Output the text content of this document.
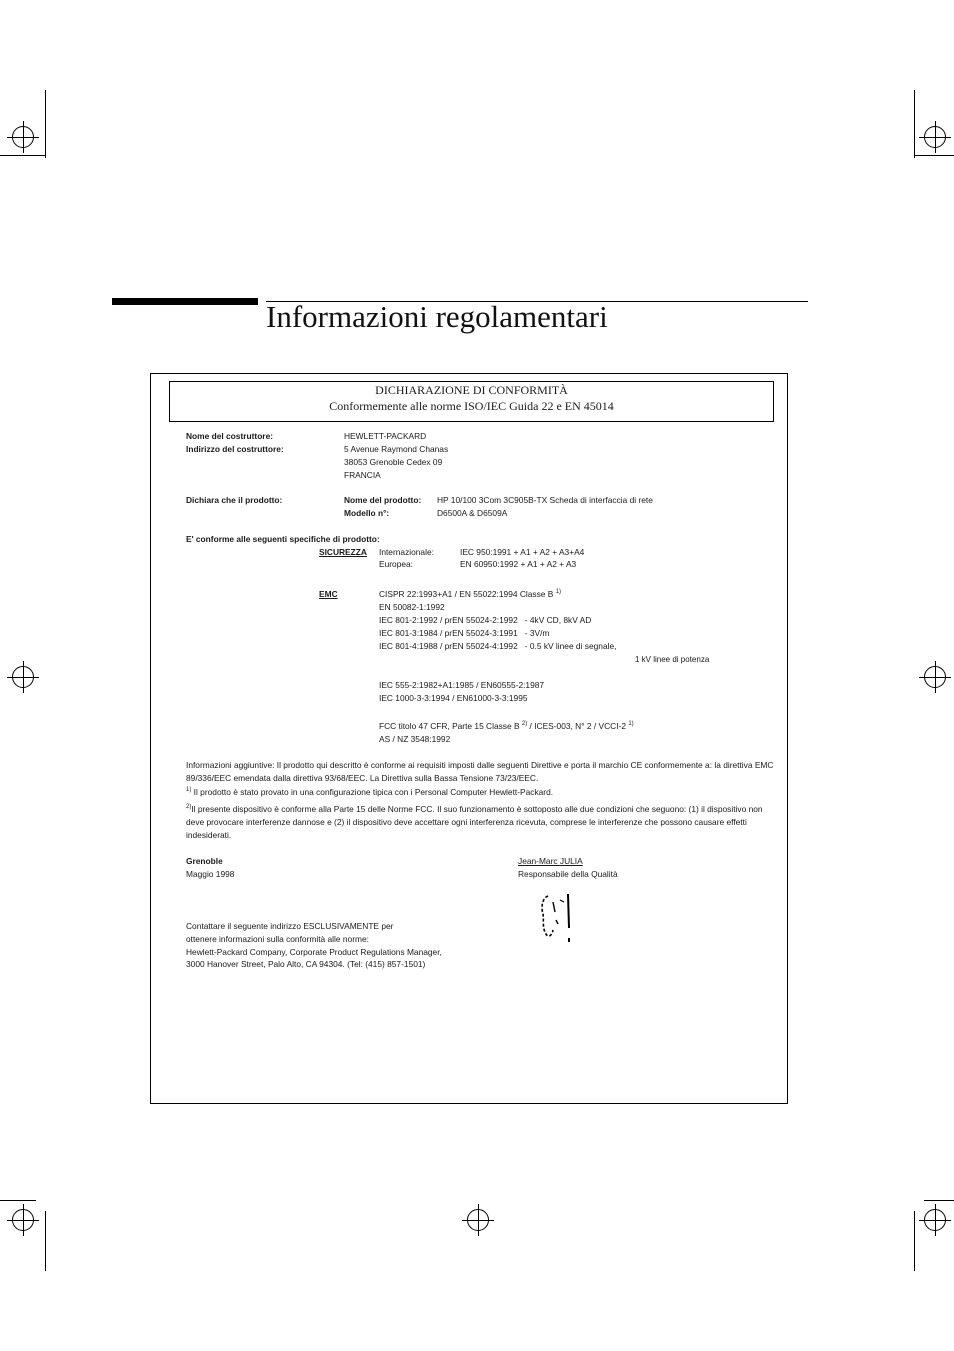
Informazioni regolamentari
DICHIARAZIONE DI CONFORMITÀ
Conformemente alle norme ISO/IEC Guida 22 e EN 45014
Nome del costruttore:	HEWLETT-PACKARD
Indirizzo del costruttore:	5 Avenue Raymond Chanas
38053 Grenoble Cedex 09
FRANCIA
Dichiara che il prodotto:	Nome del prodotto: HP 10/100 3Com 3C905B-TX Scheda di interfaccia di rete
Modello n°:	D6500A & D6509A
E' conforme alle seguenti specifiche di prodotto:
SICUREZZA Internazionale:	IEC 950:1991 + A1 + A2 + A3+A4
Europea:	EN 60950:1992 + A1 + A2 + A3
EMC	CISPR 22:1993+A1 / EN 55022:1994 Classe B $^{1)}$
EN 50082-1:1992
IEC 801-2:1992 / prEN 55024-2:1992   - 4kV CD, 8kV AD
IEC 801-3:1984 / prEN 55024-3:1991   - 3V/m
IEC 801-4:1988 / prEN 55024-4:1992   - 0.5 kV linee di segnale,
1 kV linee di potenza
IEC 555-2:1982+A1:1985 / EN60555-2:1987
IEC 1000-3-3:1994 / EN61000-3-3:1995
FCC titolo 47 CFR, Parte 15 Classe B $^{2)}$ / ICES-003, N° 2 / VCCI-2 $^{1)}$
AS / NZ 3548:1992
Informazioni aggiuntive: Il prodotto qui descritto è conforme ai requisiti imposti dalle seguenti Direttive e porta il marchio CE conformemente a: la direttiva EMC 89/336/EEC emendata dalla direttiva 93/68/EEC. La Direttiva sulla Bassa Tensione 73/23/EEC.
$^{1)}$ Il prodotto è stato provato in una configurazione tipica con i Personal Computer Hewlett-Packard.
$^{2)}$Il presente dispositivo è conforme alla Parte 15 delle Norme FCC. Il suo funzionamento è sottoposto alle due condizioni che seguono: (1) il dispositivo non deve provocare interferenze dannose e (2) il dispositivo deve accettare ogni interferenza ricevuta, comprese le interferenze che possono causare effetti indesiderati.
Grenoble
Maggio 1998
Jean-Marc JULIA
Responsabile della Qualità
Contattare il seguente indirizzo ESCLUSIVAMENTE per
ottenere informazioni sulla conformità alle norme:
Hewlett-Packard Company, Corporate Product Regulations Manager,
3000 Hanover Street, Palo Alto, CA 94304. (Tel: (415) 857-1501)
